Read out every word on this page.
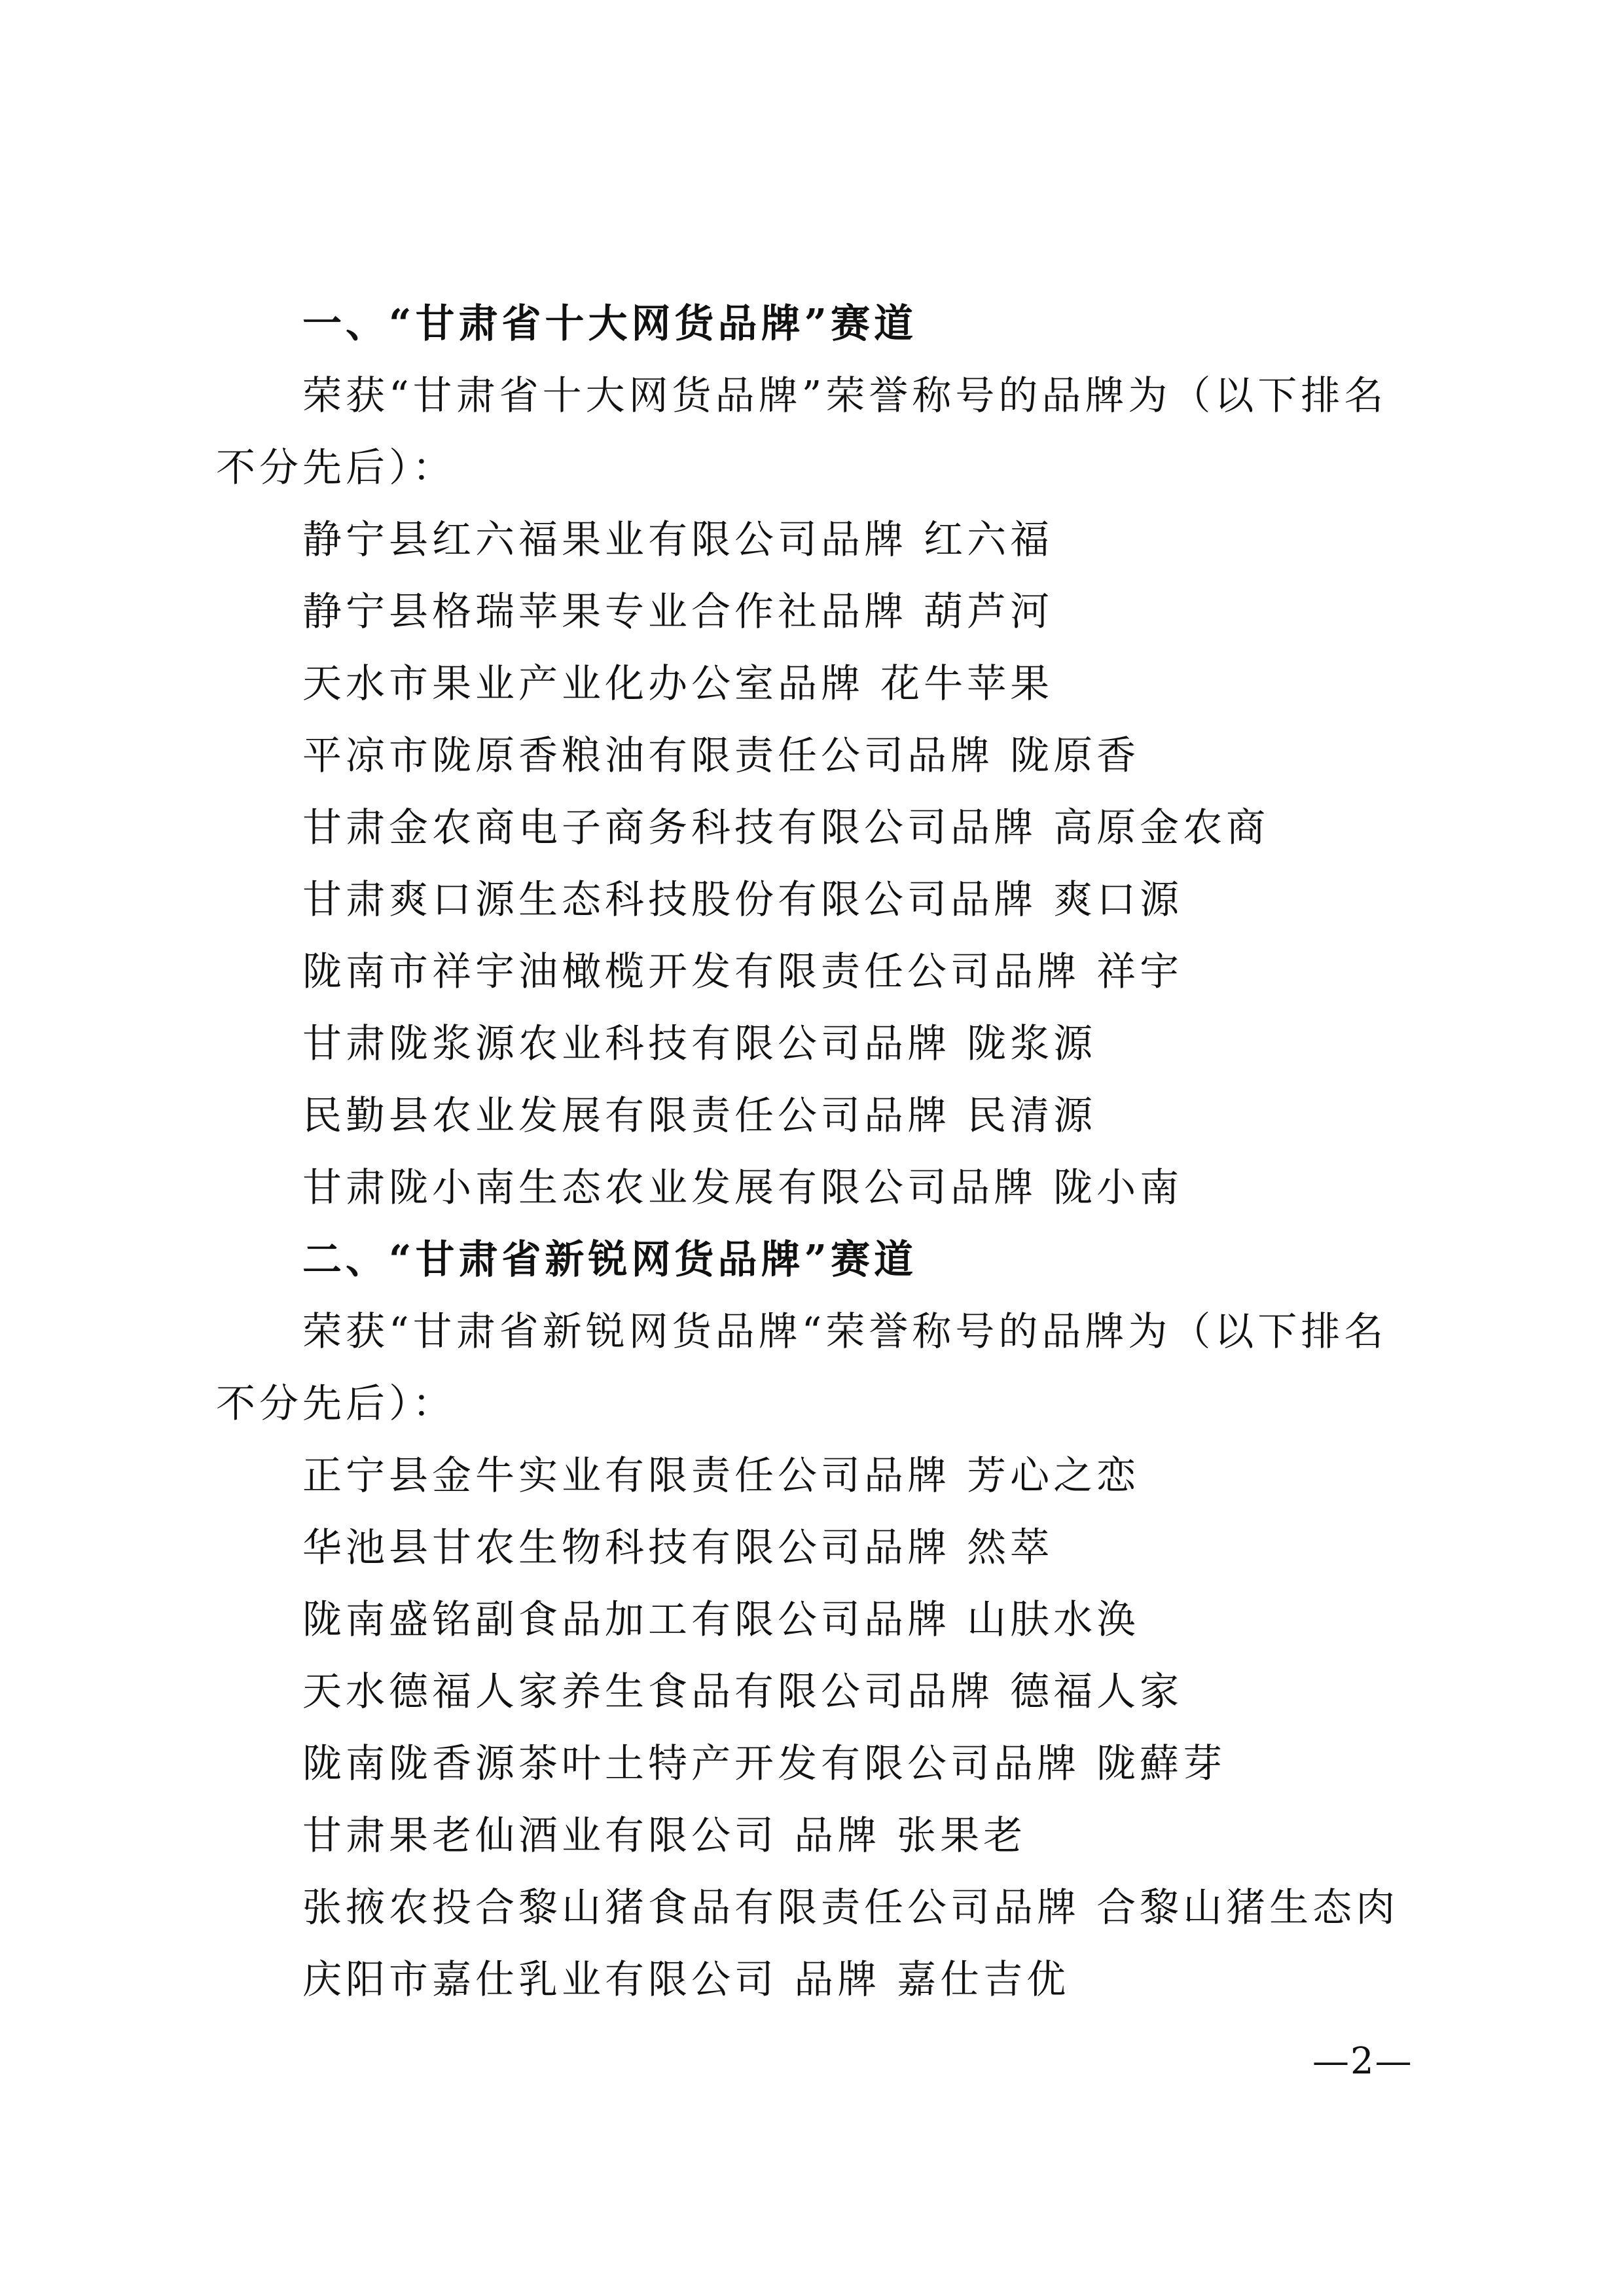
一、“甘肃省十大网货品牌”赛道
荣获“甘肃省十大网货品牌”荣誉称号的品牌为（以下排名
不分先后）：
静宁县红六福果业有限公司品牌 红六福
静宁县格瑞苹果专业合作社品牌 葫芦河
天水市果业产业化办公室品牌 花牛苹果
平凉市陇原香粮油有限责任公司品牌 陇原香
甘肃金农商电子商务科技有限公司品牌 高原金农商
甘肃爽口源生态科技股份有限公司品牌 爽口源
陇南市祥宇油橄榄开发有限责任公司品牌 祥宇
甘肃陇浆源农业科技有限公司品牌 陇浆源
民勤县农业发展有限责任公司品牌 民清源
甘肃陇小南生态农业发展有限公司品牌 陇小南
二、“甘肃省新锐网货品牌”赛道
荣获“甘肃省新锐网货品牌“荣誉称号的品牌为（以下排名
不分先后）：
正宁县金牛实业有限责任公司品牌 芳心之恋
华池县甘农生物科技有限公司品牌 然萃
陇南盛铭副食品加工有限公司品牌 山肤水涣
天水德福人家养生食品有限公司品牌 德福人家
陇南陇香源茶叶土特产开发有限公司品牌 陇蘚芽
甘肃果老仙酒业有限公司 品牌 张果老
张掖农投合黎山猪食品有限责任公司品牌 合黎山猪生态肉
庆阳市嘉仕乳业有限公司 品牌 嘉仕吉优
—2—
